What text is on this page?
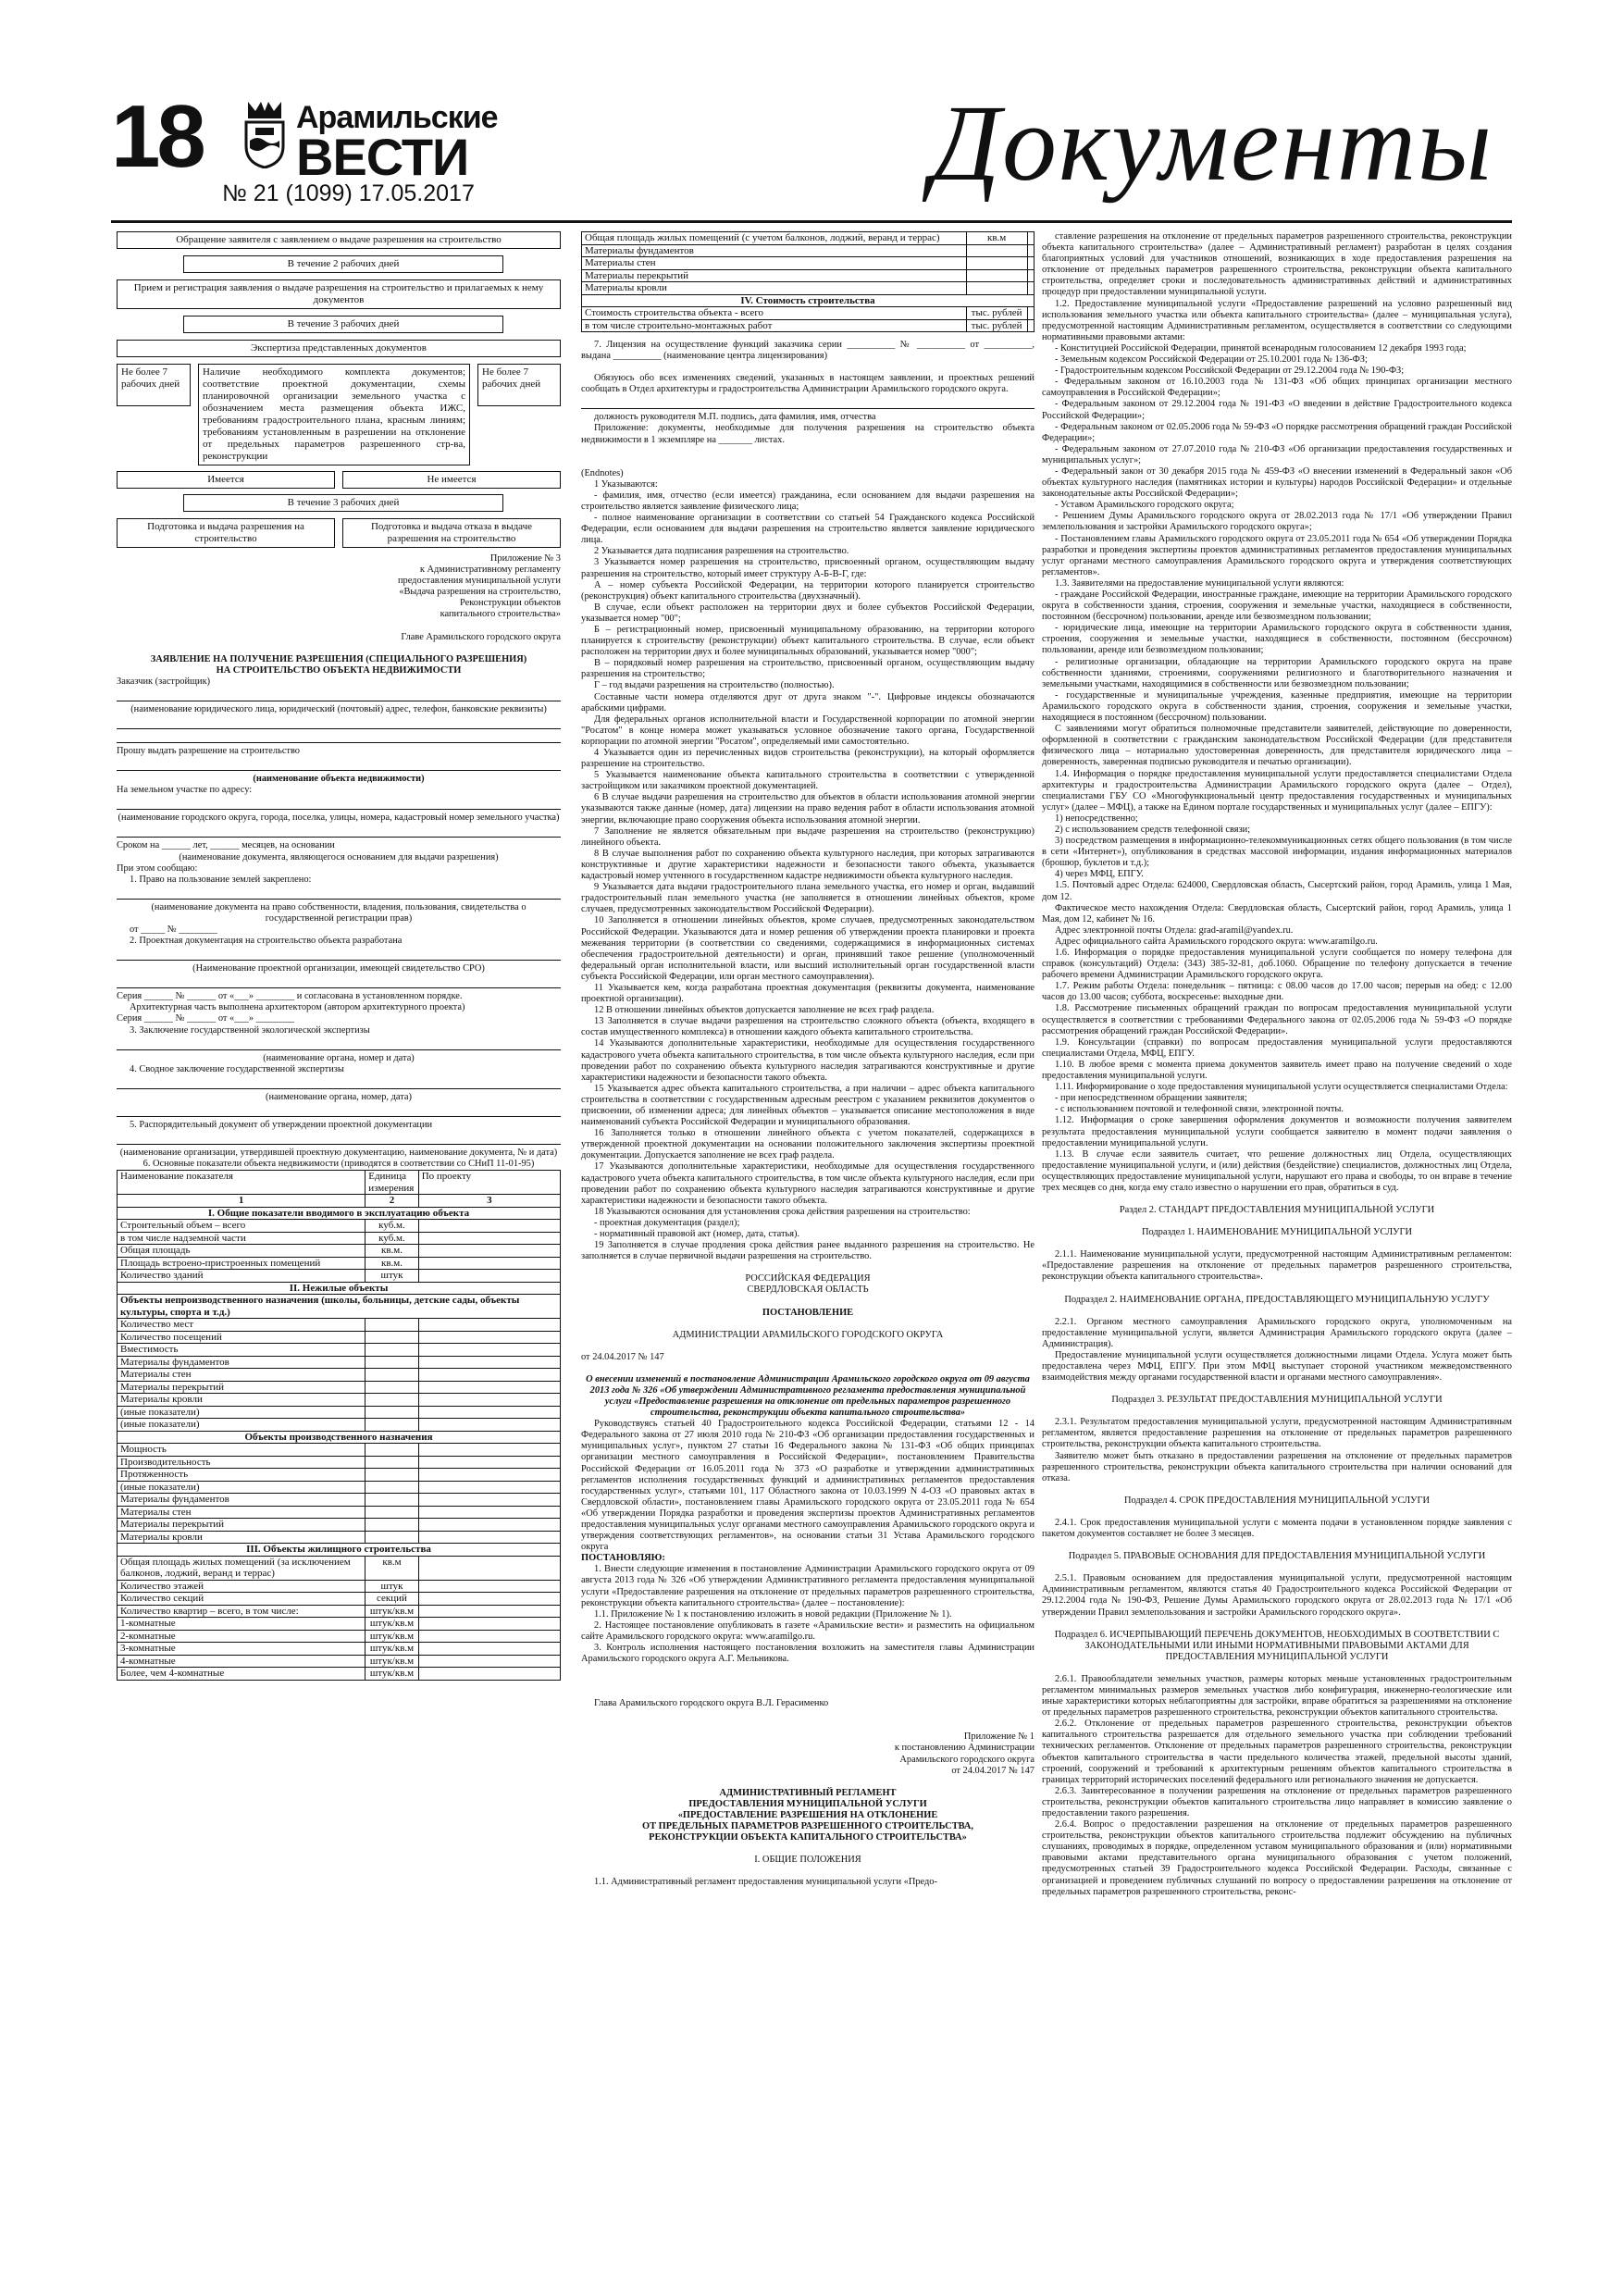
18	Арамильские
ВЕСТИ
№ 21 (1099) 17.05.2017	Документы
Обращение заявителя с заявлением о выдаче разрешения на строительство
В течение 2 рабочих дней
Прием и регистрация заявления о выдаче разрешения на строительство и прилагаемых к нему документов
В течение 3 рабочих дней
Экспертиза представленных документов
Не более 7 рабочих дней
Наличие необходимого комплекта документов; соответствие проектной документации, схемы планировочной организации земельного участка с обозначением места размещения объекта ИЖС, требованиям градостроительного плана, красным линиям; требованиям установленным в разрешении на отклонение от предельных параметров разрешенного стр-ва, реконструкции
Не более 7 рабочих дней
Имеется	Не имеется
В течение 3 рабочих дней
Подготовка и выдача разрешения на строительство
Подготовка и выдача отказа в выдаче разрешения на строительство

Приложение № 3

к Административному регламенту

предоставления муниципальной услуги

«Выдача разрешения на строительство,

Реконструкции объектов

капитального строительства»

Главе Арамильского городского округа

ЗАЯВЛЕНИЕ НА ПОЛУЧЕНИЕ РАЗРЕШЕНИЯ (СПЕЦИАЛЬНОГО РАЗРЕШЕНИЯ)

НА СТРОИТЕЛЬСТВО ОБЪЕКТА НЕДВИЖИМОСТИ

Заказчик (застройщик)

(наименование юридического лица, юридический (почтовый) адрес, телефон, банковские реквизиты)

Прошу выдать разрешение на строительство

(наименование объекта недвижимости)

На земельном участке по адресу:

(наименование городского округа, города, поселка, улицы, номера, кадастровый номер земельного участка)

Сроком на ______ лет, ______ месяцев, на основании

(наименование документа, являющегося основанием для выдачи разрешения)

При этом сообщаю:

1. Право на пользование землей закреплено:

(наименование документа на право собственности, владения, пользования, свидетельства о государственной регистрации прав)

от _____ № ________

2. Проектная документация на строительство объекта разработана

(Наименование проектной организации, имеющей свидетельство СРО)

Серия ______ № ______ от «___» ________ и согласована в установленном порядке.

Архитектурная часть выполнена архитектором (автором архитектурного проекта)

Серия ______ № ______ от «___» ________

3. Заключение государственной экологической экспертизы

(наименование органа, номер и дата)

4. Сводное заключение государственной экспертизы

(наименование органа, номер, дата)

5. Распорядительный документ об утверждении проектной документации

(наименование организации, утвердившей проектную документацию, наименование документа, № и дата)

6. Основные показатели объекта недвижимости (приводятся в соответствии со СНиП 11-01-95)

Наименование показателя	Единица измерения	По проекту
1	2	3
I. Общие показатели вводимого в эксплуатацию объекта		
Строительный объем – всего	куб.м.	
в том числе надземной части	куб.м.	
Общая площадь	кв.м.	
Площадь встроено-пристроенных помещений	кв.м.	
Количество зданий	штук	
II. Нежилые объекты		
Объекты непроизводственного назначения (школы, больницы, детские сады, объекты культуры, спорта и т.д.)		
Количество мест		
Количество посещений		
Вместимость		
Материалы фундаментов		
Материалы стен		
Материалы перекрытий		
Материалы кровли		
(иные показатели)		
(иные показатели)		
Объекты производственного назначения		
Мощность		
Производительность		
Протяженность		
(иные показатели)		
Материалы фундаментов		
Материалы стен		
Материалы перекрытий		
Материалы кровли		
III. Объекты жилищного строительства		
Общая площадь жилых помещений (за исключением балконов, лоджий, веранд и террас)	кв.м	
Количество этажей	штук	
Количество секций	секций	
Количество квартир – всего, в том числе:	штук/кв.м	
1-комнатные	штук/кв.м	
2-комнатные	штук/кв.м	
3-комнатные	штук/кв.м	
4-комнатные	штук/кв.м	
Более, чем 4-комнатные	штук/кв.м	
Общая площадь жилых помещений (с учетом балконов, лоджий, веранд и террас)	кв.м	
Материалы фундаментов		
Материалы стен		
Материалы перекрытий		
Материалы кровли		
IV. Стоимость строительства		
Стоимость строительства объекта - всего	тыс. рублей	
в том числе строительно-монтажных работ	тыс. рублей	

7. Лицензия на осуществление функций заказчика серии __________ № __________ от __________, выдана __________ (наименование центра лицензирования)

Обязуюсь обо всех изменениях сведений, указанных в настоящем заявлении, и проектных решений сообщать в Отдел архитектуры и градостроительства Администрации Арамильского городского округа.

должность руководителя М.П. подпись, дата фамилия, имя, отчества

Приложение: документы, необходимые для получения разрешения на строительство объекта недвижимости в 1 экземпляре на _______ листах.

(Endnotes)

1 Указываются:

- фамилия, имя, отчество (если имеется) гражданина, если основанием для выдачи разрешения на строительство является заявление физического лица;

- полное наименование организации в соответствии со статьей 54 Гражданского кодекса Российской Федерации, если основанием для выдачи разрешения на строительство является заявление юридического лица.

2 Указывается дата подписания разрешения на строительство.

3 Указывается номер разрешения на строительство, присвоенный органом, осуществляющим выдачу разрешения на строительство, который имеет структуру А-Б-В-Г, где:

А – номер субъекта Российской Федерации, на территории которого планируется строительство (реконструкция) объект капитального строительства (двухзначный).

В случае, если объект расположен на территории двух и более субъектов Российской Федерации, указывается номер "00";

Б – регистрационный номер, присвоенный муниципальному образованию, на территории которого планируется к строительству (реконструкции) объект капитального строительства. В случае, если объект расположен на территории двух и более муниципальных образований, указывается номер "000";

В – порядковый номер разрешения на строительство, присвоенный органом, осуществляющим выдачу разрешения на строительство;

Г – год выдачи разрешения на строительство (полностью).

Составные части номера отделяются друг от друга знаком "-". Цифровые индексы обозначаются арабскими цифрами.

Для федеральных органов исполнительной власти и Государственной корпорации по атомной энергии "Росатом" в конце номера может указываться условное обозначение такого органа, Государственной корпорации по атомной энергии "Росатом", определяемый ими самостоятельно.

4 Указывается один из перечисленных видов строительства (реконструкции), на который оформляется разрешение на строительство.

5 Указывается наименование объекта капитального строительства в соответствии с утвержденной застройщиком или заказчиком проектной документацией.

6 В случае выдачи разрешения на строительство для объектов в области использования атомной энергии указываются также данные (номер, дата) лицензии на право ведения работ в области использования атомной энергии, включающие право сооружения объекта использования атомной энергии.

7 Заполнение не является обязательным при выдаче разрешения на строительство (реконструкцию) линейного объекта.

8 В случае выполнения работ по сохранению объекта культурного наследия, при которых затрагиваются конструктивные и другие характеристики надежности и безопасности такого объекта, указывается кадастровый номер учтенного в государственном кадастре недвижимости объекта культурного наследия.

9 Указывается дата выдачи градостроительного плана земельного участка, его номер и орган, выдавший градостроительный план земельного участка (не заполняется в отношении линейных объектов, кроме случаев, предусмотренных законодательством Российской Федерации).

10 Заполняется в отношении линейных объектов, кроме случаев, предусмотренных законодательством Российской Федерации. Указываются дата и номер решения об утверждении проекта планировки и проекта межевания территории (в соответствии со сведениями, содержащимися в информационных системах обеспечения градостроительной деятельности) и орган, принявший такое решение (уполномоченный федеральный орган исполнительной власти, или высший исполнительный орган государственной власти субъекта Российской Федерации, или орган местного самоуправления).

11 Указывается кем, когда разработана проектная документация (реквизиты документа, наименование проектной организации).

12 В отношении линейных объектов допускается заполнение не всех граф раздела.

13 Заполняется в случае выдачи разрешения на строительство сложного объекта (объекта, входящего в состав имущественного комплекса) в отношении каждого объекта капитального строительства.

14 Указываются дополнительные характеристики, необходимые для осуществления государственного кадастрового учета объекта капитального строительства, в том числе объекта культурного наследия, если при проведении работ по сохранению объекта культурного наследия затрагиваются конструктивные и другие характеристики надежности и безопасности такого объекта.

15 Указывается адрес объекта капитального строительства, а при наличии – адрес объекта капитального строительства в соответствии с государственным адресным реестром с указанием реквизитов документов о присвоении, об изменении адреса; для линейных объектов – указывается описание местоположения в виде наименований субъекта Российской Федерации и муниципального образования.

16 Заполняется только в отношении линейного объекта с учетом показателей, содержащихся в утвержденной проектной документации на основании положительного заключения экспертизы проектной документации. Допускается заполнение не всех граф раздела.

17 Указываются дополнительные характеристики, необходимые для осуществления государственного кадастрового учета объекта капитального строительства, в том числе объекта культурного наследия, если при проведении работ по сохранению объекта культурного наследия затрагиваются конструктивные и другие характеристики надежности и безопасности такого объекта.

18 Указываются основания для установления срока действия разрешения на строительство:

- проектная документация (раздел);

- нормативный правовой акт (номер, дата, статья).

19 Заполняется в случае продления срока действия ранее выданного разрешения на строительство. Не заполняется в случае первичной выдачи разрешения на строительство.

РОССИЙСКАЯ ФЕДЕРАЦИЯ

СВЕРДЛОВСКАЯ ОБЛАСТЬ

ПОСТАНОВЛЕНИЕ

АДМИНИСТРАЦИИ АРАМИЛЬСКОГО ГОРОДСКОГО ОКРУГА

от 24.04.2017 № 147

О внесении изменений в постановление Администрации Арамильского городского округа от 09 августа 2013 года № 326 «Об утверждении Административного регламента предоставления муниципальной услуги «Предоставление разрешения на отклонение от предельных параметров разрешенного строительства, реконструкции объекта капитального строительства»

Руководствуясь статьей 40 Градостроительного кодекса Российской Федерации, статьями 12 - 14 Федерального закона от 27 июля 2010 года № 210-ФЗ «Об организации предоставления государственных и муниципальных услуг», пунктом 27 статьи 16 Федерального закона № 131-ФЗ «Об общих принципах организации местного самоуправления в Российской Федерации», постановлением Правительства Российской Федерации от 16.05.2011 года № 373 «О разработке и утверждении административных регламентов исполнения государственных функций и административных регламентов предоставления государственных услуг», статьями 101, 117 Областного закона от 10.03.1999 N 4-ОЗ «О правовых актах в Свердловской области», постановлением главы Арамильского городского округа от 23.05.2011 года № 654 «Об утверждении Порядка разработки и проведения экспертизы проектов Административных регламентов предоставления муниципальных услуг органами местного самоуправления Арамильского городского округа и утверждения соответствующих регламентов», на основании статьи 31 Устава Арамильского городского округа

ПОСТАНОВЛЯЮ:

1. Внести следующие изменения в постановление Администрации Арамильского городского округа от 09 августа 2013 года № 326 «Об утверждении Административного регламента предоставления муниципальной услуги «Предоставление разрешения на отклонение от предельных параметров разрешенного строительства, реконструкции объекта капитального строительства» (далее – постановление):

1.1. Приложение № 1 к постановлению изложить в новой редакции (Приложение № 1).

2. Настоящее постановление опубликовать в газете «Арамильские вести» и разместить на официальном сайте Арамильского городского округа: www.aramilgo.ru.

3. Контроль исполнения настоящего постановления возложить на заместителя главы Администрации Арамильского городского округа А.Г. Мельникова.

Глава Арамильского городского округа В.Л. Герасименко

Приложение № 1

к постановлению Администрации

Арамильского городского округа

от 24.04.2017 № 147

АДМИНИСТРАТИВНЫЙ РЕГЛАМЕНТ

ПРЕДОСТАВЛЕНИЯ МУНИЦИПАЛЬНОЙ УСЛУГИ

«ПРЕДОСТАВЛЕНИЕ РАЗРЕШЕНИЯ НА ОТКЛОНЕНИЕ

ОТ ПРЕДЕЛЬНЫХ ПАРАМЕТРОВ РАЗРЕШЕННОГО СТРОИТЕЛЬСТВА,

РЕКОНСТРУКЦИИ ОБЪЕКТА КАПИТАЛЬНОГО СТРОИТЕЛЬСТВА»

I. ОБЩИЕ ПОЛОЖЕНИЯ

1.1. Административный регламент предоставления муниципальной услуги «Предо-

ставление разрешения на отклонение от предельных параметров разрешенного строительства, реконструкции объекта капитального строительства» (далее – Административный регламент) разработан в целях создания благоприятных условий для участников отношений, возникающих в ходе предоставления разрешения на отклонение от предельных параметров разрешенного строительства, реконструкции объекта капитального строительства, определяет сроки и последовательность административных действий и административных процедур при предоставлении муниципальной услуги.

1.2. Предоставление муниципальной услуги «Предоставление разрешений на условно разрешенный вид использования земельного участка или объекта капитального строительства» (далее – муниципальная услуга), предусмотренной настоящим Административным регламентом, осуществляется в соответствии со следующими нормативными правовыми актами:

- Конституцией Российской Федерации, принятой всенародным голосованием 12 декабря 1993 года;

- Земельным кодексом Российской Федерации от 25.10.2001 года № 136-ФЗ;

- Градостроительным кодексом Российской Федерации от 29.12.2004 года № 190-ФЗ;

- Федеральным законом от 16.10.2003 года № 131-ФЗ «Об общих принципах организации местного самоуправления в Российской Федерации»;

- Федеральным законом от 29.12.2004 года № 191-ФЗ «О введении в действие Градостроительного кодекса Российской Федерации»;

- Федеральным законом от 02.05.2006 года № 59-ФЗ «О порядке рассмотрения обращений граждан Российской Федерации»;

- Федеральным законом от 27.07.2010 года № 210-ФЗ «Об организации предоставления государственных и муниципальных услуг»;

- Федеральный закон от 30 декабря 2015 года № 459-ФЗ «О внесении изменений в Федеральный закон «Об объектах культурного наследия (памятниках истории и культуры) народов Российской Федерации» и отдельные законодательные акты Российской Федерации»;

- Уставом Арамильского городского округа;

- Решением Думы Арамильского городского округа от 28.02.2013 года № 17/1 «Об утверждении Правил землепользования и застройки Арамильского городского округа»;

- Постановлением главы Арамильского городского округа от 23.05.2011 года № 654 «Об утверждении Порядка разработки и проведения экспертизы проектов административных регламентов предоставления муниципальных услуг органами местного самоуправления Арамильского городского округа и утверждения соответствующих регламентов».

1.3. Заявителями на предоставление муниципальной услуги являются:

- граждане Российской Федерации, иностранные граждане, имеющие на территории Арамильского городского округа в собственности здания, строения, сооружения и земельные участки, находящиеся в собственности, постоянном (бессрочном) пользовании, аренде или безвозмездном пользовании;

- юридические лица, имеющие на территории Арамильского городского округа в собственности здания, строения, сооружения и земельные участки, находящиеся в собственности, постоянном (бессрочном) пользовании, аренде или безвозмездном пользовании;

- религиозные организации, обладающие на территории Арамильского городского округа на праве собственности зданиями, строениями, сооружениями религиозного и благотворительного назначения и земельными участками, находящимися в собственности или безвозмездном пользовании;

- государственные и муниципальные учреждения, казенные предприятия, имеющие на территории Арамильского городского округа в собственности здания, строения, сооружения и земельные участки, находящиеся в постоянном (бессрочном) пользовании.

С заявлениями могут обратиться полномочные представители заявителей, действующие по доверенности, оформленной в соответствии с гражданским законодательством Российской Федерации (для представителя физического лица – нотариально удостоверенная доверенность, для представителя юридического лица – доверенность, заверенная подписью руководителя и печатью организации).

1.4. Информация о порядке предоставления муниципальной услуги предоставляется специалистами Отдела архитектуры и градостроительства Администрации Арамильского городского округа (далее – Отдел), специалистами ГБУ СО «Многофункциональный центр предоставления государственных и муниципальных услуг» (далее – МФЦ), а также на Едином портале государственных и муниципальных услуг (далее – ЕПГУ):

1) непосредственно;

2) с использованием средств телефонной связи;

3) посредством размещения в информационно-телекоммуникационных сетях общего пользования (в том числе в сети «Интернет»), опубликования в средствах массовой информации, издания информационных материалов (брошюр, буклетов и т.д.);

4) через МФЦ, ЕПГУ.

1.5. Почтовый адрес Отдела: 624000, Свердловская область, Сысертский район, город Арамиль, улица 1 Мая, дом 12.

Фактическое место нахождения Отдела: Свердловская область, Сысертский район, город Арамиль, улица 1 Мая, дом 12, кабинет № 16.

Адрес электронной почты Отдела: grad-aramil@yandex.ru.

Адрес официального сайта Арамильского городского округа: www.aramilgo.ru.

1.6. Информация о порядке предоставления муниципальной услуги сообщается по номеру телефона для справок (консультаций) Отдела: (343) 385-32-81, доб.1060. Обращение по телефону допускается в течение рабочего времени Администрации Арамильского городского округа.

1.7. Режим работы Отдела: понедельник – пятница: с 08.00 часов до 17.00 часов; перерыв на обед: с 12.00 часов до 13.00 часов; суббота, воскресенье: выходные дни.

1.8. Рассмотрение письменных обращений граждан по вопросам предоставления муниципальной услуги осуществляется в соответствии с требованиями Федерального закона от 02.05.2006 года № 59-ФЗ «О порядке рассмотрения обращений граждан Российской Федерации».

1.9. Консультации (справки) по вопросам предоставления муниципальной услуги предоставляются специалистами Отдела, МФЦ, ЕПГУ.

1.10. В любое время с момента приема документов заявитель имеет право на получение сведений о ходе предоставления муниципальной услуги.

1.11. Информирование о ходе предоставления муниципальной услуги осуществляется специалистами Отдела:

- при непосредственном обращении заявителя;

- с использованием почтовой и телефонной связи, электронной почты.

1.12. Информация о сроке завершения оформления документов и возможности получения заявителем результата предоставления муниципальной услуги сообщается заявителю в момент подачи заявления о предоставлении муниципальной услуги.

1.13. В случае если заявитель считает, что решение должностных лиц Отдела, осуществляющих предоставление муниципальной услуги, и (или) действия (бездействие) специалистов, должностных лиц Отдела, осуществляющих предоставление муниципальной услуги, нарушают его права и свободы, то он вправе в течение трех месяцев со дня, когда ему стало известно о нарушении его прав, обратиться в суд.

Раздел 2. СТАНДАРТ ПРЕДОСТАВЛЕНИЯ МУНИЦИПАЛЬНОЙ УСЛУГИ

Подраздел 1. НАИМЕНОВАНИЕ МУНИЦИПАЛЬНОЙ УСЛУГИ

2.1.1. Наименование муниципальной услуги, предусмотренной настоящим Административным регламентом: «Предоставление разрешения на отклонение от предельных параметров разрешенного строительства, реконструкции объекта капитального строительства».

Подраздел 2. НАИМЕНОВАНИЕ ОРГАНА, ПРЕДОСТАВЛЯЮЩЕГО МУНИЦИПАЛЬНУЮ УСЛУГУ

2.2.1. Органом местного самоуправления Арамильского городского округа, уполномоченным на предоставление муниципальной услуги, является Администрация Арамильского городского округа (далее – Администрация).

Предоставление муниципальной услуги осуществляется должностными лицами Отдела. Услуга может быть предоставлена через МФЦ, ЕПГУ. При этом МФЦ выступает стороной участником межведомственного взаимодействия между органами государственной власти и органами местного самоуправления».

Подраздел 3. РЕЗУЛЬТАТ ПРЕДОСТАВЛЕНИЯ МУНИЦИПАЛЬНОЙ УСЛУГИ

2.3.1. Результатом предоставления муниципальной услуги, предусмотренной настоящим Административным регламентом, является предоставление разрешения на отклонение от предельных параметров разрешенного строительства, реконструкции объекта капитального строительства.

Заявителю может быть отказано в предоставлении разрешения на отклонение от предельных параметров разрешенного строительства, реконструкции объекта капитального строительства при наличии оснований для отказа.

Подраздел 4. СРОК ПРЕДОСТАВЛЕНИЯ МУНИЦИПАЛЬНОЙ УСЛУГИ

2.4.1. Срок предоставления муниципальной услуги с момента подачи в установленном порядке заявления с пакетом документов составляет не более 3 месяцев.

Подраздел 5. ПРАВОВЫЕ ОСНОВАНИЯ ДЛЯ ПРЕДОСТАВЛЕНИЯ МУНИЦИПАЛЬНОЙ УСЛУГИ

2.5.1. Правовым основанием для предоставления муниципальной услуги, предусмотренной настоящим Административным регламентом, являются статья 40 Градостроительного кодекса Российской Федерации от 29.12.2004 года № 190-ФЗ, Решение Думы Арамильского городского округа от 28.02.2013 года № 17/1 «Об утверждении Правил землепользования и застройки Арамильского городского округа».

Подраздел 6. ИСЧЕРПЫВАЮЩИЙ ПЕРЕЧЕНЬ ДОКУМЕНТОВ, НЕОБХОДИМЫХ В СООТВЕТСТВИИ С ЗАКОНОДАТЕЛЬНЫМИ ИЛИ ИНЫМИ НОРМАТИВНЫМИ ПРАВОВЫМИ АКТАМИ ДЛЯ ПРЕДОСТАВЛЕНИЯ МУНИЦИПАЛЬНОЙ УСЛУГИ

2.6.1. Правообладатели земельных участков, размеры которых меньше установленных градостроительным регламентом минимальных размеров земельных участков либо конфигурация, инженерно-геологические или иные характеристики которых неблагоприятны для застройки, вправе обратиться за разрешениями на отклонение от предельных параметров разрешенного строительства, реконструкции объектов капитального строительства.

2.6.2. Отклонение от предельных параметров разрешенного строительства, реконструкции объектов капитального строительства разрешается для отдельного земельного участка при соблюдении требований технических регламентов. Отклонение от предельных параметров разрешенного строительства, реконструкции объектов капитального строительства в части предельного количества этажей, предельной высоты зданий, строений, сооружений и требований к архитектурным решениям объектов капитального строительства в границах территорий исторических поселений федерального или регионального значения не допускается.

2.6.3. Заинтересованное в получении разрешения на отклонение от предельных параметров разрешенного строительства, реконструкции объектов капитального строительства лицо направляет в комиссию заявление о предоставлении такого разрешения.

2.6.4. Вопрос о предоставлении разрешения на отклонение от предельных параметров разрешенного строительства, реконструкции объектов капитального строительства подлежит обсуждению на публичных слушаниях, проводимых в порядке, определенном уставом муниципального образования и (или) нормативными правовыми актами представительного органа муниципального образования с учетом положений, предусмотренных статьей 39 Градостроительного кодекса Российской Федерации. Расходы, связанные с организацией и проведением публичных слушаний по вопросу о предоставлении разрешения на отклонение от предельных параметров разрешенного строительства, реконс-
